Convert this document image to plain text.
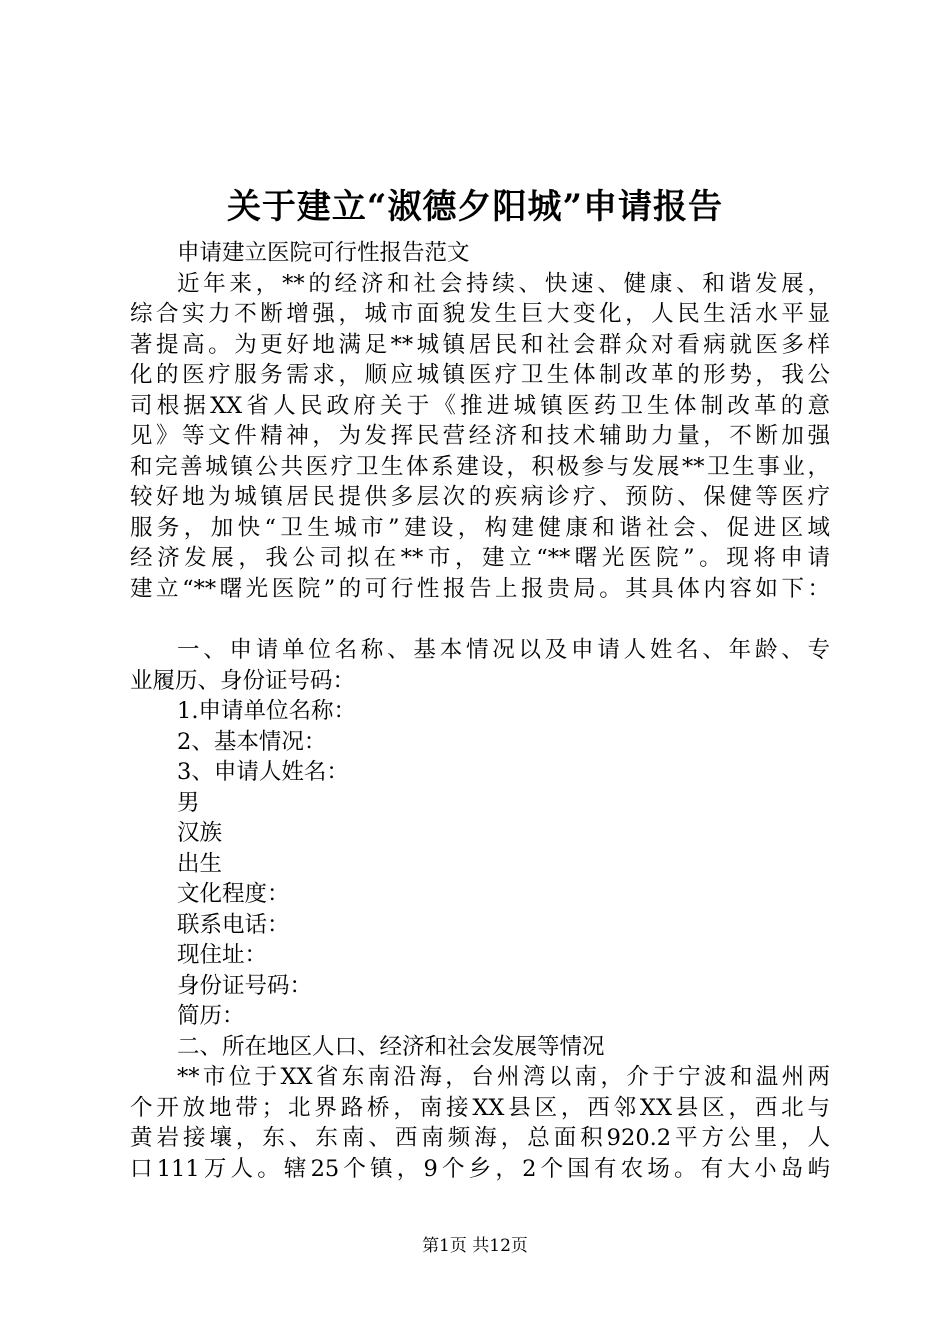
关于建立“淑德夕阳城”申请报告
申请建立医院可行性报告范文
近年来，**的经济和社会持续、快速、健康、和谐发展，
综合实力不断增强，城市面貌发生巨大变化，人民生活水平显
著提高。为更好地满足**城镇居民和社会群众对看病就医多样
化的医疗服务需求，顺应城镇医疗卫生体制改革的形势，我公
司根据XX省人民政府关于《推进城镇医药卫生体制改革的意
见》等文件精神，为发挥民营经济和技术辅助力量，不断加强
和完善城镇公共医疗卫生体系建设，积极参与发展**卫生事业，
较好地为城镇居民提供多层次的疾病诊疗、预防、保健等医疗
服务，加快“卫生城市”建设，构建健康和谐社会、促进区域
经济发展，我公司拟在**市，建立“**曙光医院”。现将申请
建立“**曙光医院”的可行性报告上报贵局。其具体内容如下：
一、申请单位名称、基本情况以及申请人姓名、年龄、专
业履历、身份证号码：
1.申请单位名称：
2、基本情况：
3、申请人姓名：
男
汉族
出生
文化程度：
联系电话：
现住址：
身份证号码：
简历：
二、所在地区人口、经济和社会发展等情况
**市位于XX省东南沿海，台州湾以南，介于宁波和温州两
个开放地带；北界路桥，南接XX县区，西邻XX县区，西北与
黄岩接壤，东、东南、西南频海，总面积920.2平方公里，人
口111万人。辖25个镇，9个乡，2个国有农场。有大小岛屿
第1页 共12页
